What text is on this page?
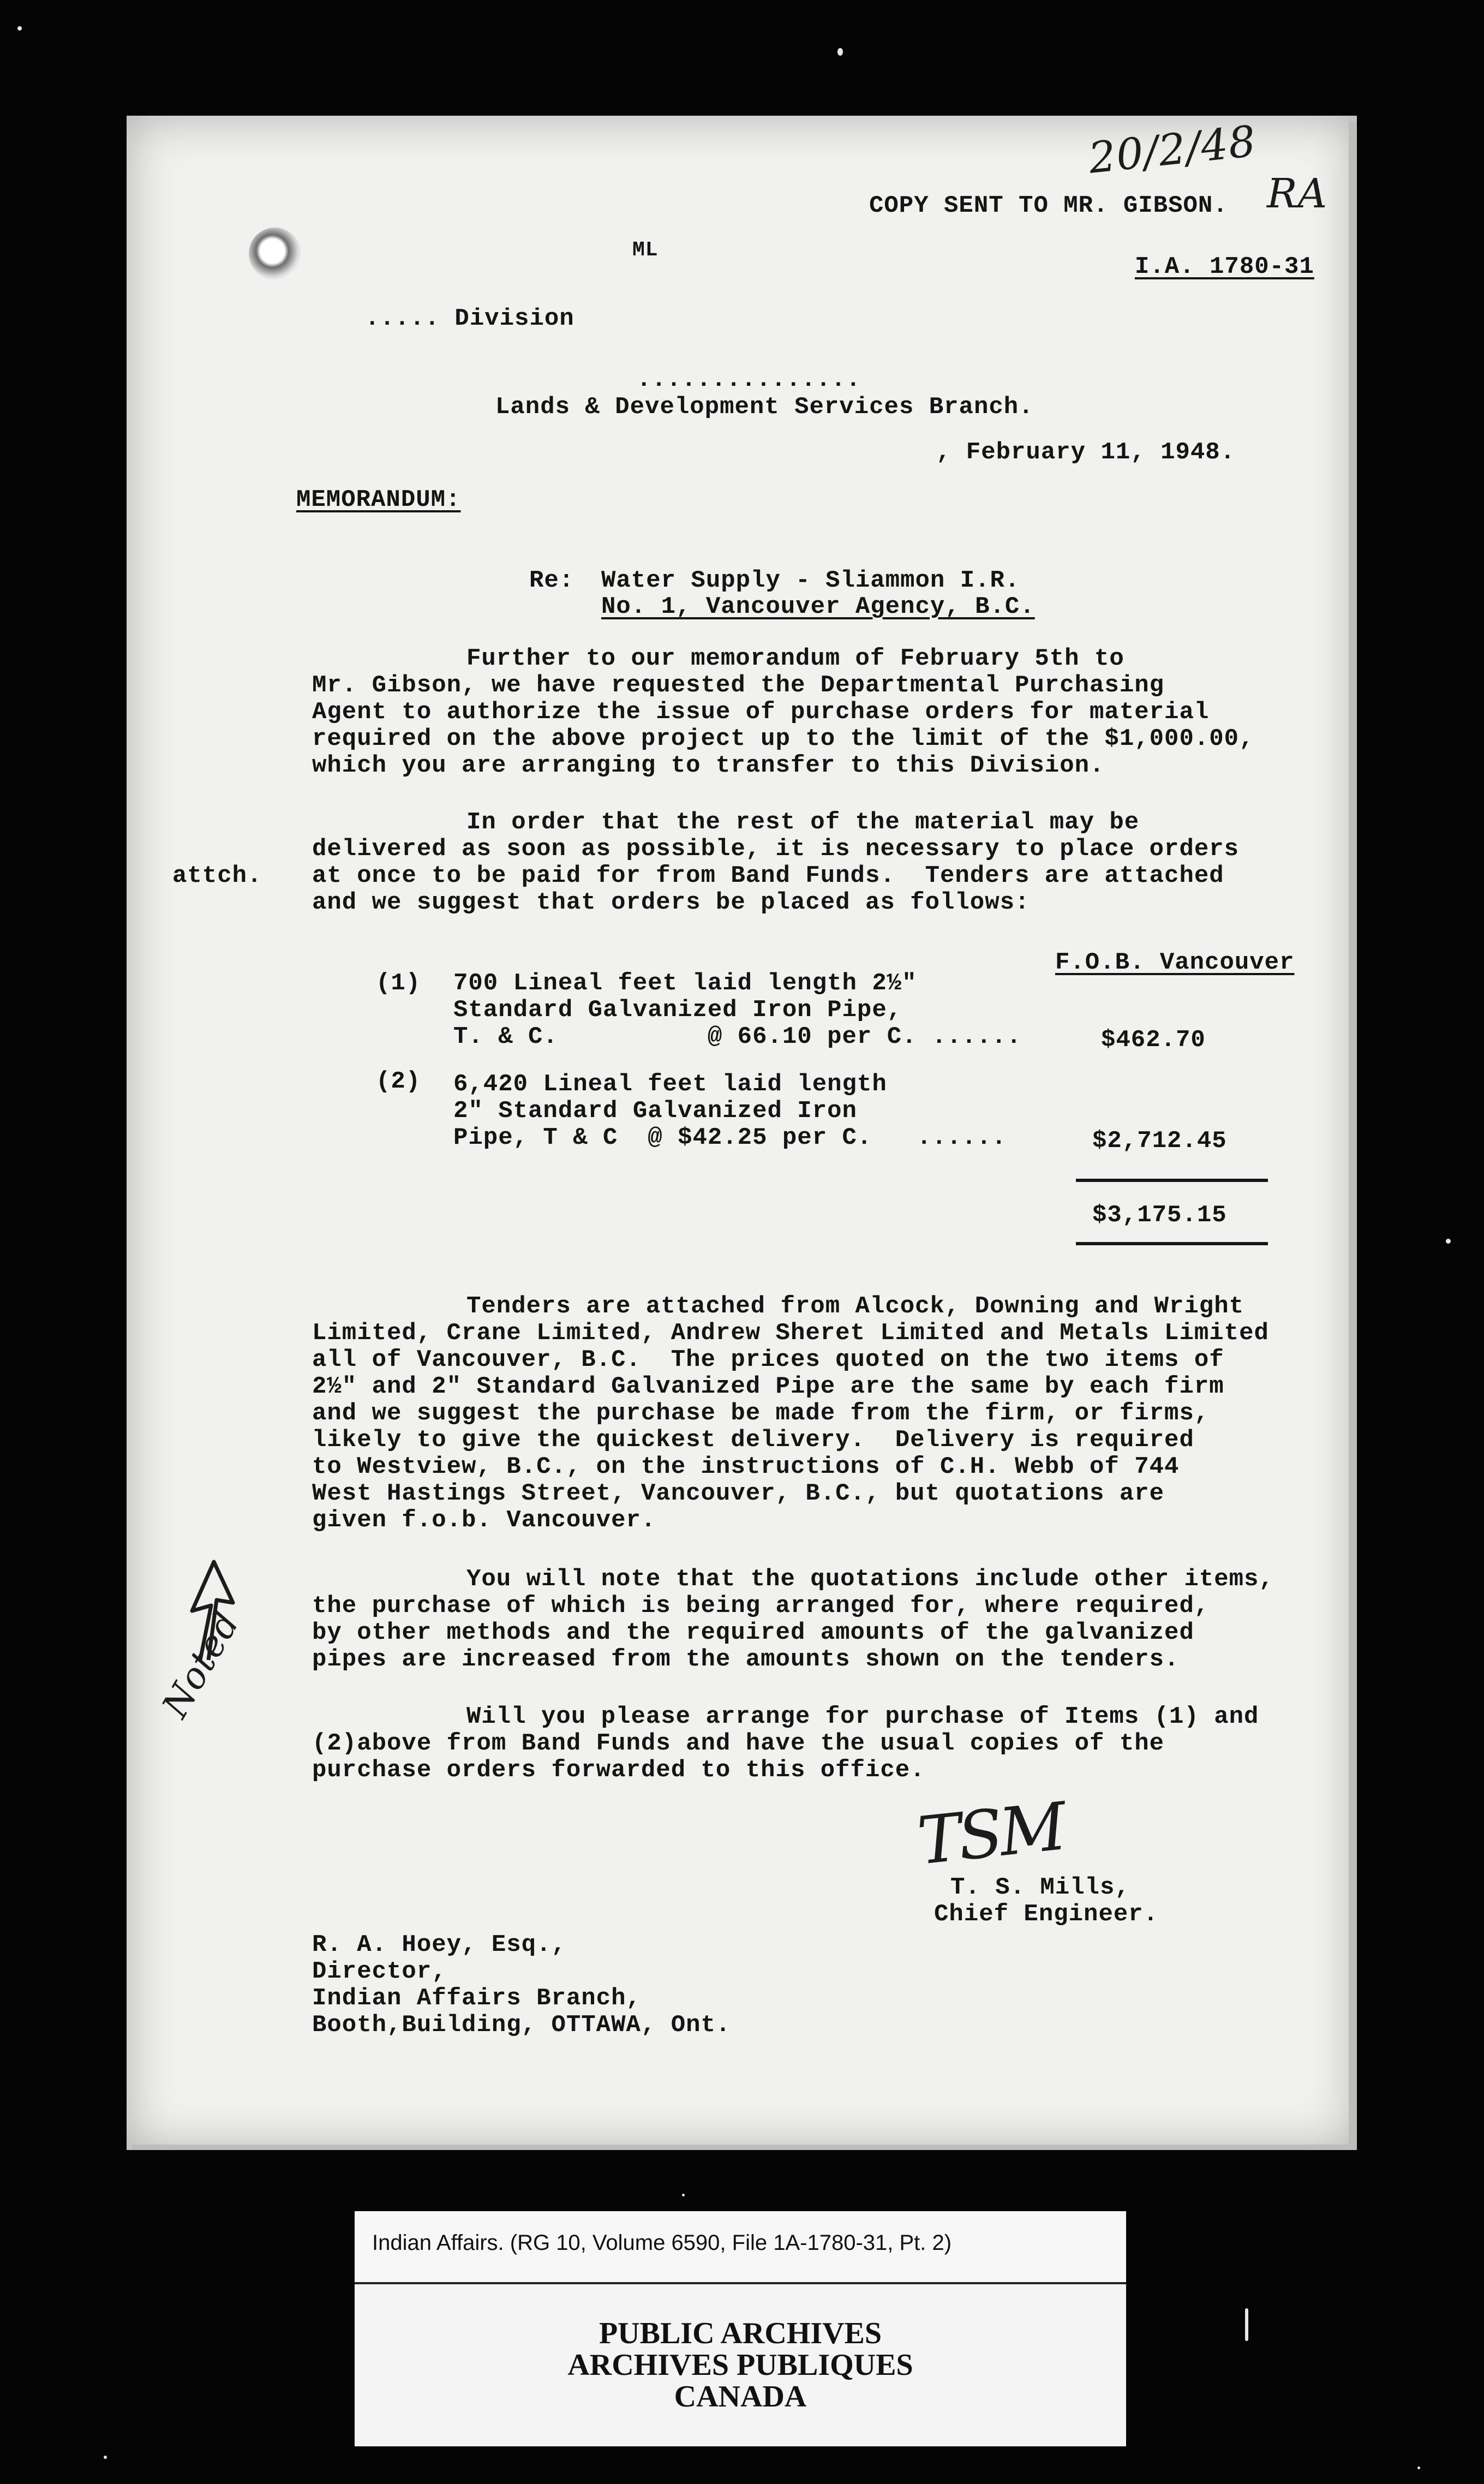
20/2/48
RA
Noted
COPY SENT TO MR. GIBSON.
ML
I.A. 1780-31
..... Division
...............
Lands & Development Services Branch.
, February 11, 1948.
MEMORANDUM:
Re: Water Supply - Sliammon I.R.
No. 1, Vancouver Agency, B.C.
Further to our memorandum of February 5th to
Mr. Gibson, we have requested the Departmental Purchasing
Agent to authorize the issue of purchase orders for material
required on the above project up to the limit of the $1,000.00,
which you are arranging to transfer to this Division.
In order that the rest of the material may be
delivered as soon as possible, it is necessary to place orders
at once to be paid for from Band Funds.  Tenders are attached
and we suggest that orders be placed as follows:
attch.
F.O.B. Vancouver
(1) 700 Lineal feet laid length 2½"
Standard Galvanized Iron Pipe,
T. & C.          @ 66.10 per C. ......	$462.70
(2) 6,420 Lineal feet laid length
2" Standard Galvanized Iron
Pipe, T & C  @ $42.25 per C.   ......	$2,712.45
$3,175.15
Tenders are attached from Alcock, Downing and Wright
Limited, Crane Limited, Andrew Sheret Limited and Metals Limited
all of Vancouver, B.C.  The prices quoted on the two items of
2½" and 2" Standard Galvanized Pipe are the same by each firm
and we suggest the purchase be made from the firm, or firms,
likely to give the quickest delivery.  Delivery is required
to Westview, B.C., on the instructions of C.H. Webb of 744
West Hastings Street, Vancouver, B.C., but quotations are
given f.o.b. Vancouver.
You will note that the quotations include other items,
the purchase of which is being arranged for, where required,
by other methods and the required amounts of the galvanized
pipes are increased from the amounts shown on the tenders.
Will you please arrange for purchase of Items (1) and
(2)above from Band Funds and have the usual copies of the
purchase orders forwarded to this office.
TSM
T. S. Mills,
Chief Engineer.
R. A. Hoey, Esq.,
Director,
Indian Affairs Branch,
Booth,Building, OTTAWA, Ont.
Indian Affairs. (RG 10, Volume 6590, File 1A-1780-31, Pt. 2)
PUBLIC ARCHIVES
ARCHIVES PUBLIQUES
CANADA
